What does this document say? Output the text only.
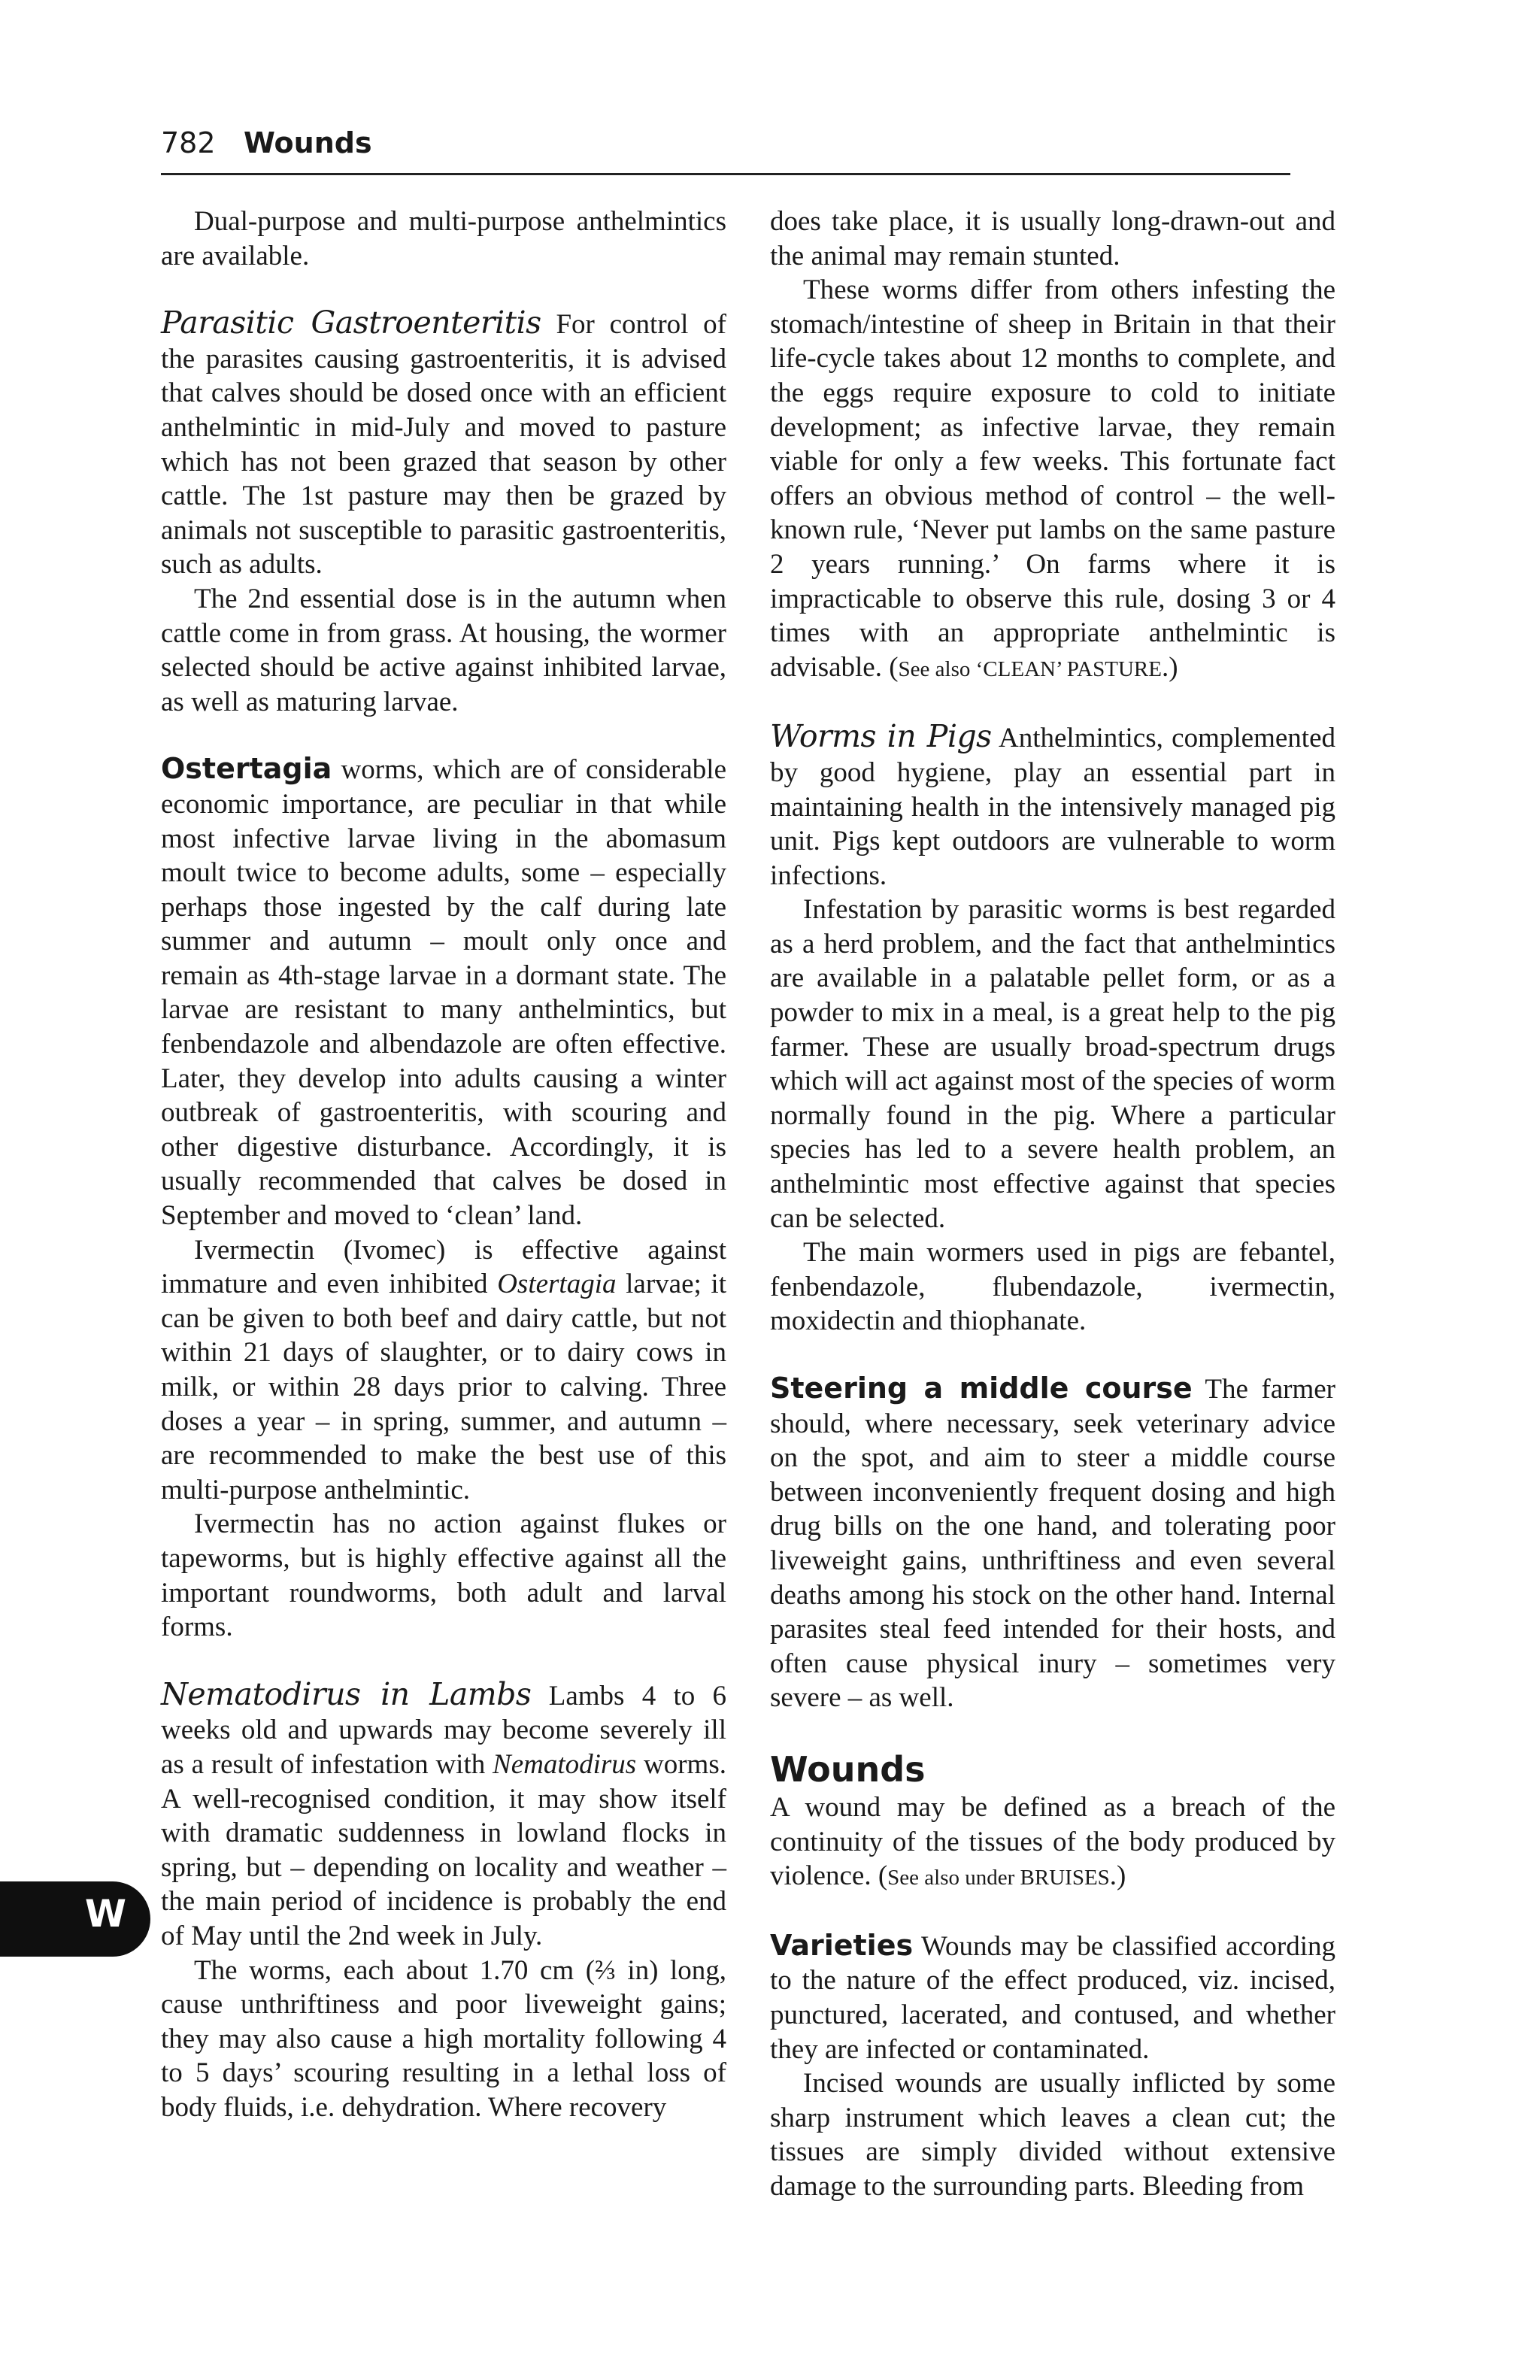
782 Wounds

Dual-purpose and multi-purpose anthelmintics are available.

Parasitic Gastroenteritis For control of the parasites causing gastroenteritis, it is advised that calves should be dosed once with an efficient anthelmintic in mid-July and moved to pasture which has not been grazed that season by other cattle. The 1st pasture may then be grazed by animals not susceptible to parasitic gastroenteritis, such as adults.

The 2nd essential dose is in the autumn when cattle come in from grass. At housing, the wormer selected should be active against inhibited larvae, as well as maturing larvae.

Ostertagia worms, which are of considerable economic importance, are peculiar in that while most infective larvae living in the abomasum moult twice to become adults, some – especially perhaps those ingested by the calf during late summer and autumn – moult only once and remain as 4th-stage larvae in a dormant state. The larvae are resistant to many anthelmintics, but fenbendazole and albendazole are often effective. Later, they develop into adults causing a winter outbreak of gastroenteritis, with scouring and other digestive disturbance. Accordingly, it is usually recommended that calves be dosed in September and moved to ‘clean’ land.

Ivermectin (Ivomec) is effective against immature and even inhibited Ostertagia larvae; it can be given to both beef and dairy cattle, but not within 21 days of slaughter, or to dairy cows in milk, or within 28 days prior to calving. Three doses a year – in spring, summer, and autumn – are recommended to make the best use of this multi-purpose anthelmintic.

Ivermectin has no action against flukes or tapeworms, but is highly effective against all the important roundworms, both adult and larval forms.

Nematodirus in Lambs Lambs 4 to 6 weeks old and upwards may become severely ill as a result of infestation with Nematodirus worms. A well-recognised condition, it may show itself with dramatic suddenness in lowland flocks in spring, but – depending on locality and weather – the main period of incidence is probably the end of May until the 2nd week in July.

The worms, each about 1.70 cm (⅔ in) long, cause unthriftiness and poor liveweight gains; they may also cause a high mortality following 4 to 5 days’ scouring resulting in a lethal loss of body fluids, i.e. dehydration. Where recovery

does take place, it is usually long-drawn-out and the animal may remain stunted.

These worms differ from others infesting the stomach/intestine of sheep in Britain in that their life-cycle takes about 12 months to complete, and the eggs require exposure to cold to initiate development; as infective larvae, they remain viable for only a few weeks. This fortunate fact offers an obvious method of control – the well-known rule, ‘Never put lambs on the same pasture 2 years running.’ On farms where it is impracticable to observe this rule, dosing 3 or 4 times with an appropriate anthelmintic is advisable. (See also ‘CLEAN’ PASTURE.)

Worms in Pigs Anthelmintics, complemented by good hygiene, play an essential part in maintaining health in the intensively managed pig unit. Pigs kept outdoors are vulnerable to worm infections.

Infestation by parasitic worms is best regarded as a herd problem, and the fact that anthelmintics are available in a palatable pellet form, or as a powder to mix in a meal, is a great help to the pig farmer. These are usually broad-spectrum drugs which will act against most of the species of worm normally found in the pig. Where a particular species has led to a severe health problem, an anthelmintic most effective against that species can be selected.

The main wormers used in pigs are febantel, fenbendazole, flubendazole, ivermectin, moxidectin and thiophanate.

Steering a middle course The farmer should, where necessary, seek veterinary advice on the spot, and aim to steer a middle course between inconveniently frequent dosing and high drug bills on the one hand, and tolerating poor liveweight gains, unthriftiness and even several deaths among his stock on the other hand. Internal parasites steal feed intended for their hosts, and often cause physical inury – sometimes very severe – as well.

Wounds

A wound may be defined as a breach of the continuity of the tissues of the body produced by violence. (See also under BRUISES.)

Varieties Wounds may be classified according to the nature of the effect produced, viz. incised, punctured, lacerated, and contused, and whether they are infected or contaminated.

Incised wounds are usually inflicted by some sharp instrument which leaves a clean cut; the tissues are simply divided without extensive damage to the surrounding parts. Bleeding from

W
